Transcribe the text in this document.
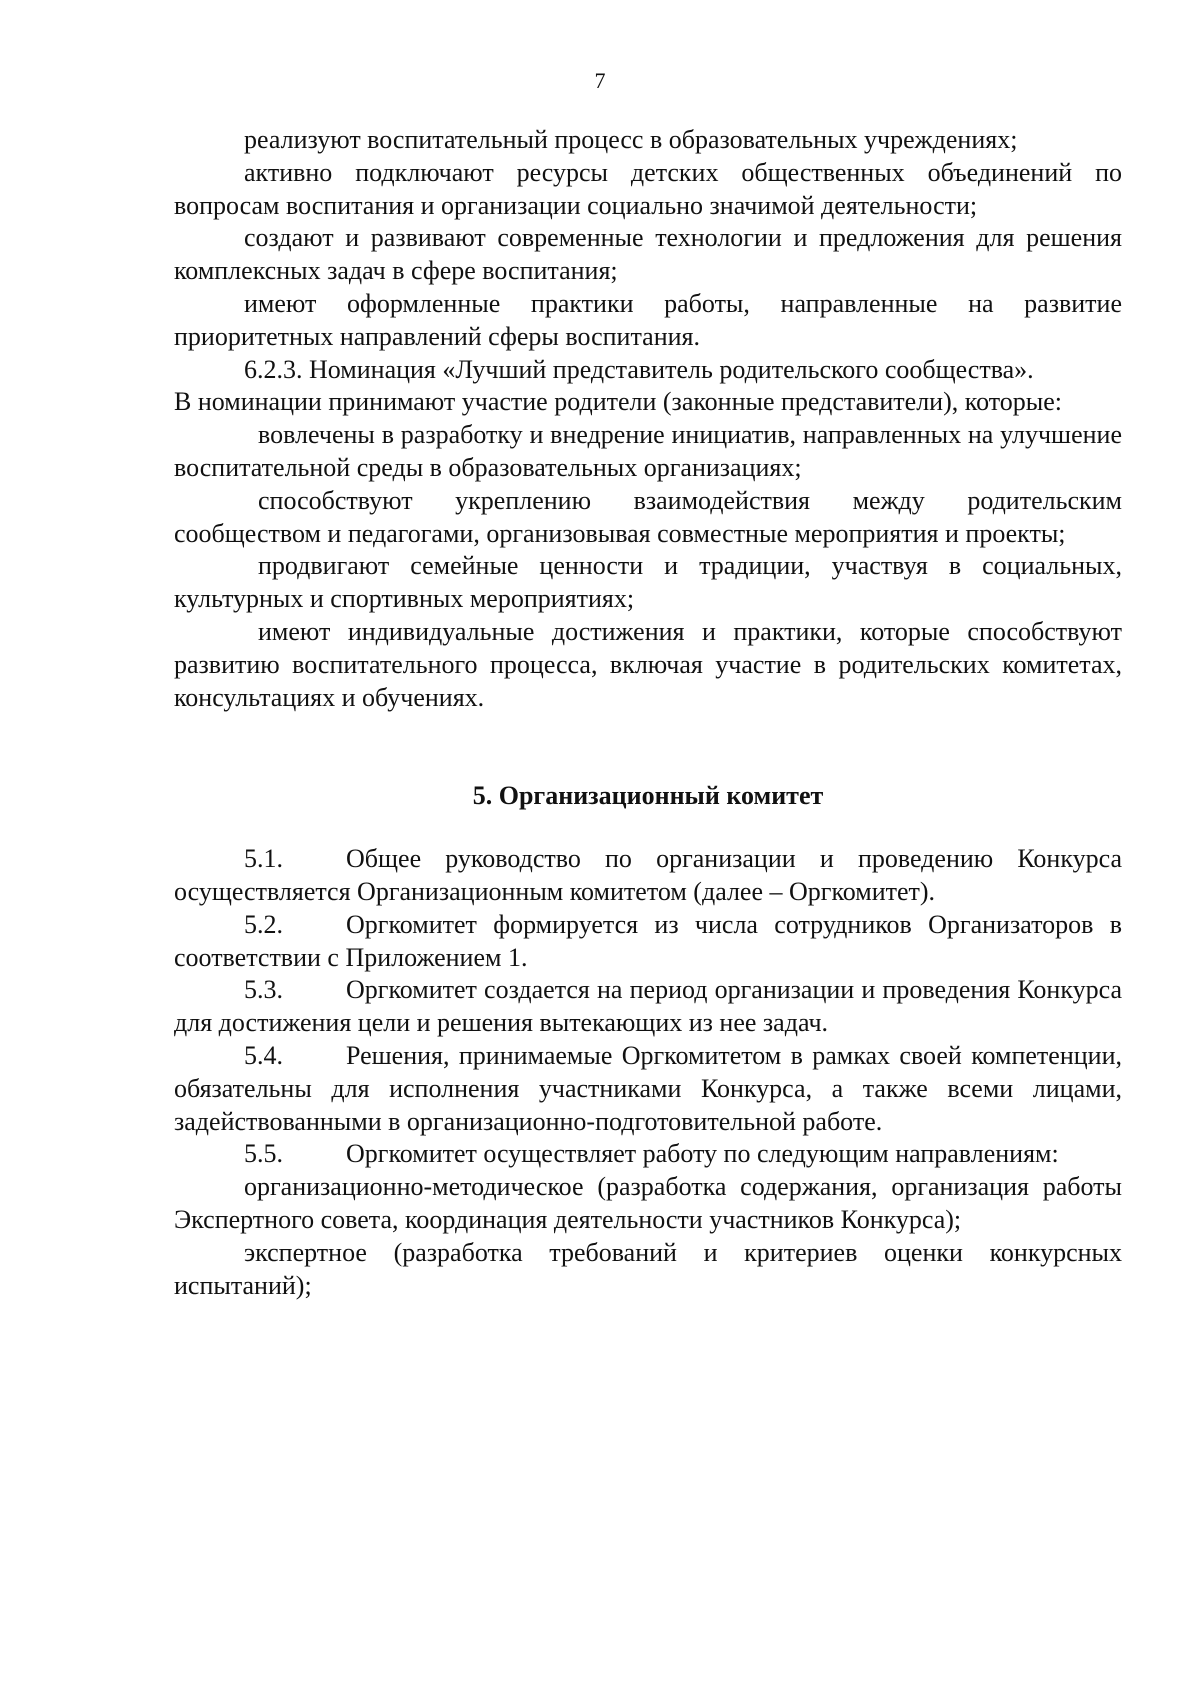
7

реализуют воспитательный процесс в образовательных учреждениях;

активно подключают ресурсы детских общественных объединений по вопросам воспитания и организации социально значимой деятельности;

создают и развивают современные технологии и предложения для решения комплексных задач в сфере воспитания;

имеют оформленные практики работы, направленные на развитие приоритетных направлений сферы воспитания.

6.2.3. Номинация «Лучший представитель родительского сообщества».

В номинации принимают участие родители (законные представители), которые:

вовлечены в разработку и внедрение инициатив, направленных на улучшение воспитательной среды в образовательных организациях;

способствуют укреплению взаимодействия между родительским сообществом и педагогами, организовывая совместные мероприятия и проекты;

продвигают семейные ценности и традиции, участвуя в социальных, культурных и спортивных мероприятиях;

имеют индивидуальные достижения и практики, которые способствуют развитию воспитательного процесса, включая участие в родительских комитетах, консультациях и обучениях.

5. Организационный комитет

5.1. Общее руководство по организации и проведению Конкурса осуществляется Организационным комитетом (далее – Оргкомитет).

5.2. Оргкомитет формируется из числа сотрудников Организаторов в соответствии с Приложением 1.

5.3. Оргкомитет создается на период организации и проведения Конкурса для достижения цели и решения вытекающих из нее задач.

5.4. Решения, принимаемые Оргкомитетом в рамках своей компетенции, обязательны для исполнения участниками Конкурса, а также всеми лицами, задействованными в организационно-подготовительной работе.

5.5. Оргкомитет осуществляет работу по следующим направлениям:

организационно-методическое (разработка содержания, организация работы Экспертного совета, координация деятельности участников Конкурса);

экспертное (разработка требований и критериев оценки конкурсных испытаний);
